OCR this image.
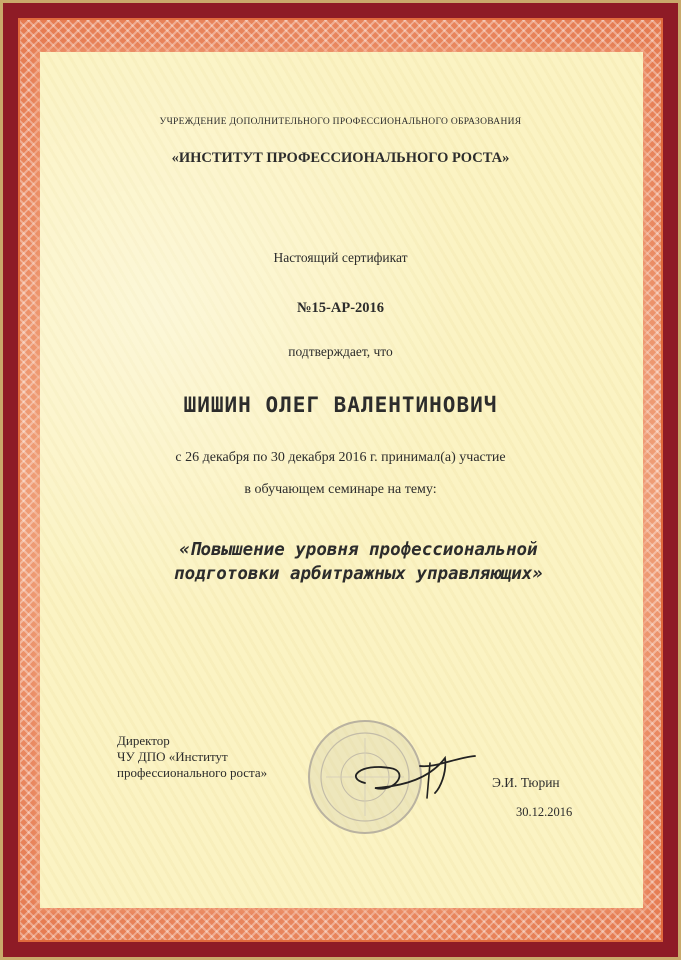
УЧРЕЖДЕНИЕ ДОПОЛНИТЕЛЬНОГО ПРОФЕССИОНАЛЬНОГО ОБРАЗОВАНИЯ
«ИНСТИТУТ ПРОФЕССИОНАЛЬНОГО РОСТА»
Настоящий сертификат
№15-АР-2016
подтверждает, что
ШИШИН ОЛЕГ ВАЛЕНТИНОВИЧ
с 26 декабря по 30 декабря 2016 г. принимал(а) участие
в обучающем семинаре на тему:
«Повышение уровня профессиональной
подготовки арбитражных управляющих»
Директор
ЧУ ДПО «Институт
профессионального роста»
Э.И. Тюрин
30.12.2016
